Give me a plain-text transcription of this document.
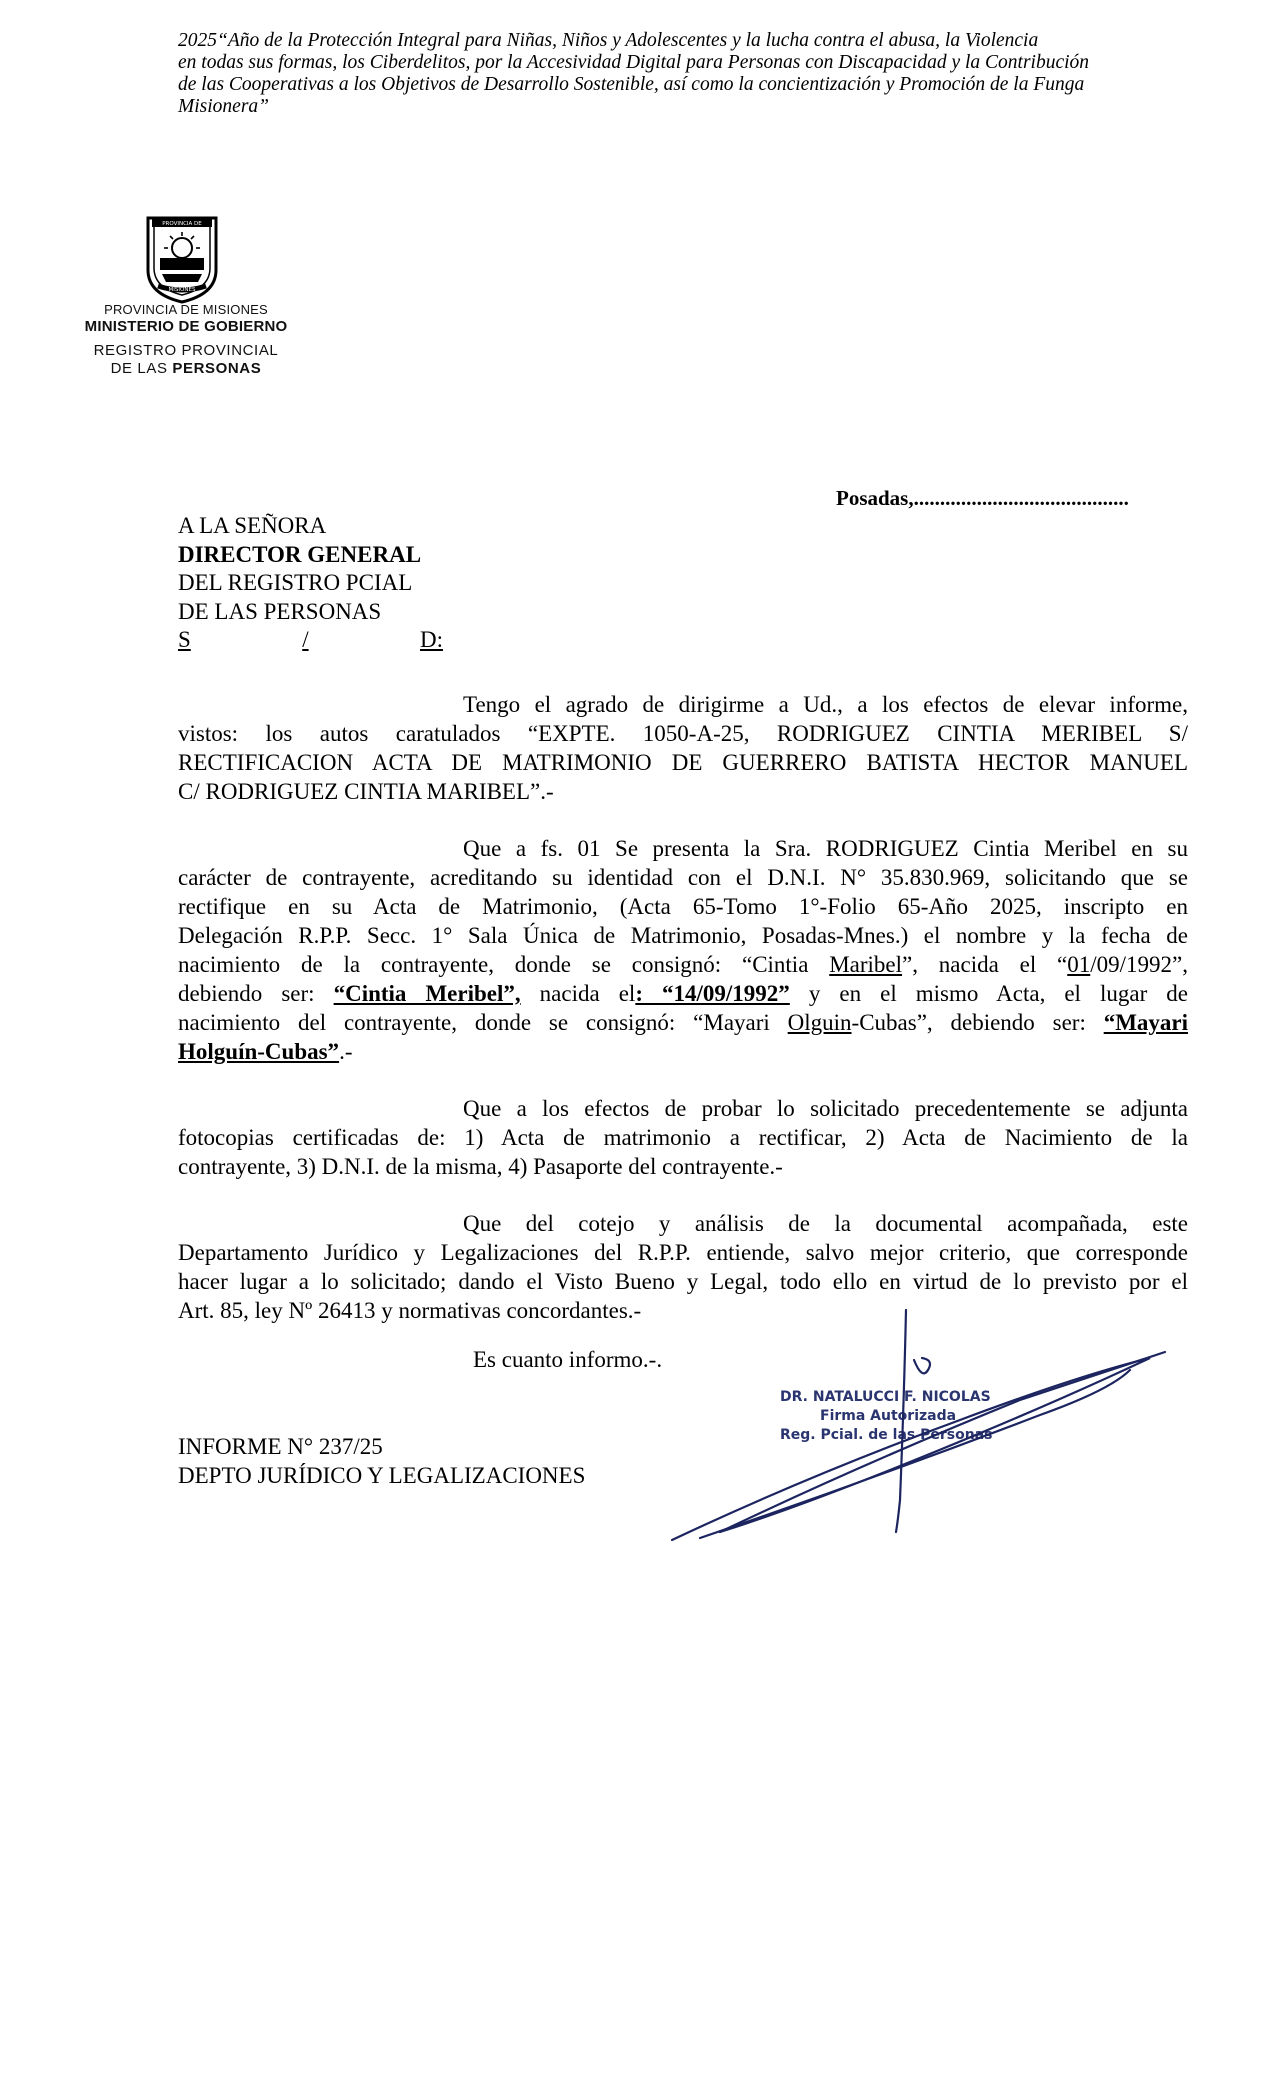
2025“Año de la Protección Integral para Niñas, Niños y Adolescentes y la lucha contra el abusa, la Violencia
en todas sus formas, los Ciberdelitos, por la Accesividad Digital para Personas con Discapacidad y la Contribución
de las Cooperativas a los Objetivos de Desarrollo Sostenible, así como la concientización y Promoción de la Funga
Misionera”
PROVINCIA DE
MISIONES
PROVINCIA DE MISIONES
MINISTERIO DE GOBIERNO
REGISTRO PROVINCIAL
DE LAS PERSONAS
Posadas,.........................................
A LA SEÑORA
DIRECTOR GENERAL
DEL REGISTRO PCIAL
DE LAS PERSONAS
S	/	D:
Tengo el agrado de dirigirme a Ud., a los efectos de elevar informe,
vistos: los autos caratulados “EXPTE. 1050-A-25, RODRIGUEZ CINTIA MERIBEL S/
RECTIFICACION ACTA DE MATRIMONIO DE GUERRERO BATISTA HECTOR MANUEL
C/ RODRIGUEZ CINTIA MARIBEL”.-
Que a fs. 01 Se presenta la Sra. RODRIGUEZ Cintia Meribel en su
carácter de contrayente, acreditando su identidad con el D.N.I. N° 35.830.969, solicitando que se
rectifique en su Acta de Matrimonio, (Acta 65-Tomo 1°-Folio 65-Año 2025, inscripto en
Delegación R.P.P. Secc. 1° Sala Única de Matrimonio, Posadas-Mnes.) el nombre y la fecha de
nacimiento de la contrayente, donde se consignó: “Cintia Maribel”, nacida el “01/09/1992”,
debiendo ser: “Cintia Meribel”, nacida el: “14/09/1992” y en el mismo Acta, el lugar de
nacimiento del contrayente, donde se consignó: “Mayari Olguin-Cubas”, debiendo ser: “Mayari
Holguín-Cubas”.-
Que a los efectos de probar lo solicitado precedentemente se adjunta
fotocopias certificadas de: 1) Acta de matrimonio a rectificar, 2) Acta de Nacimiento de la
contrayente, 3) D.N.I. de la misma, 4) Pasaporte del contrayente.-
Que del cotejo y análisis de la documental acompañada, este
Departamento Jurídico y Legalizaciones del R.P.P. entiende, salvo mejor criterio, que corresponde
hacer lugar a lo solicitado; dando el Visto Bueno y Legal, todo ello en virtud de lo previsto por el
Art. 85, ley Nº 26413 y normativas concordantes.-
Es cuanto informo.-.
INFORME N° 237/25
DEPTO JURÍDICO Y LEGALIZACIONES
DR. NATALUCCI F. NICOLAS
Firma Autorizada
Reg. Pcial. de las Personas
